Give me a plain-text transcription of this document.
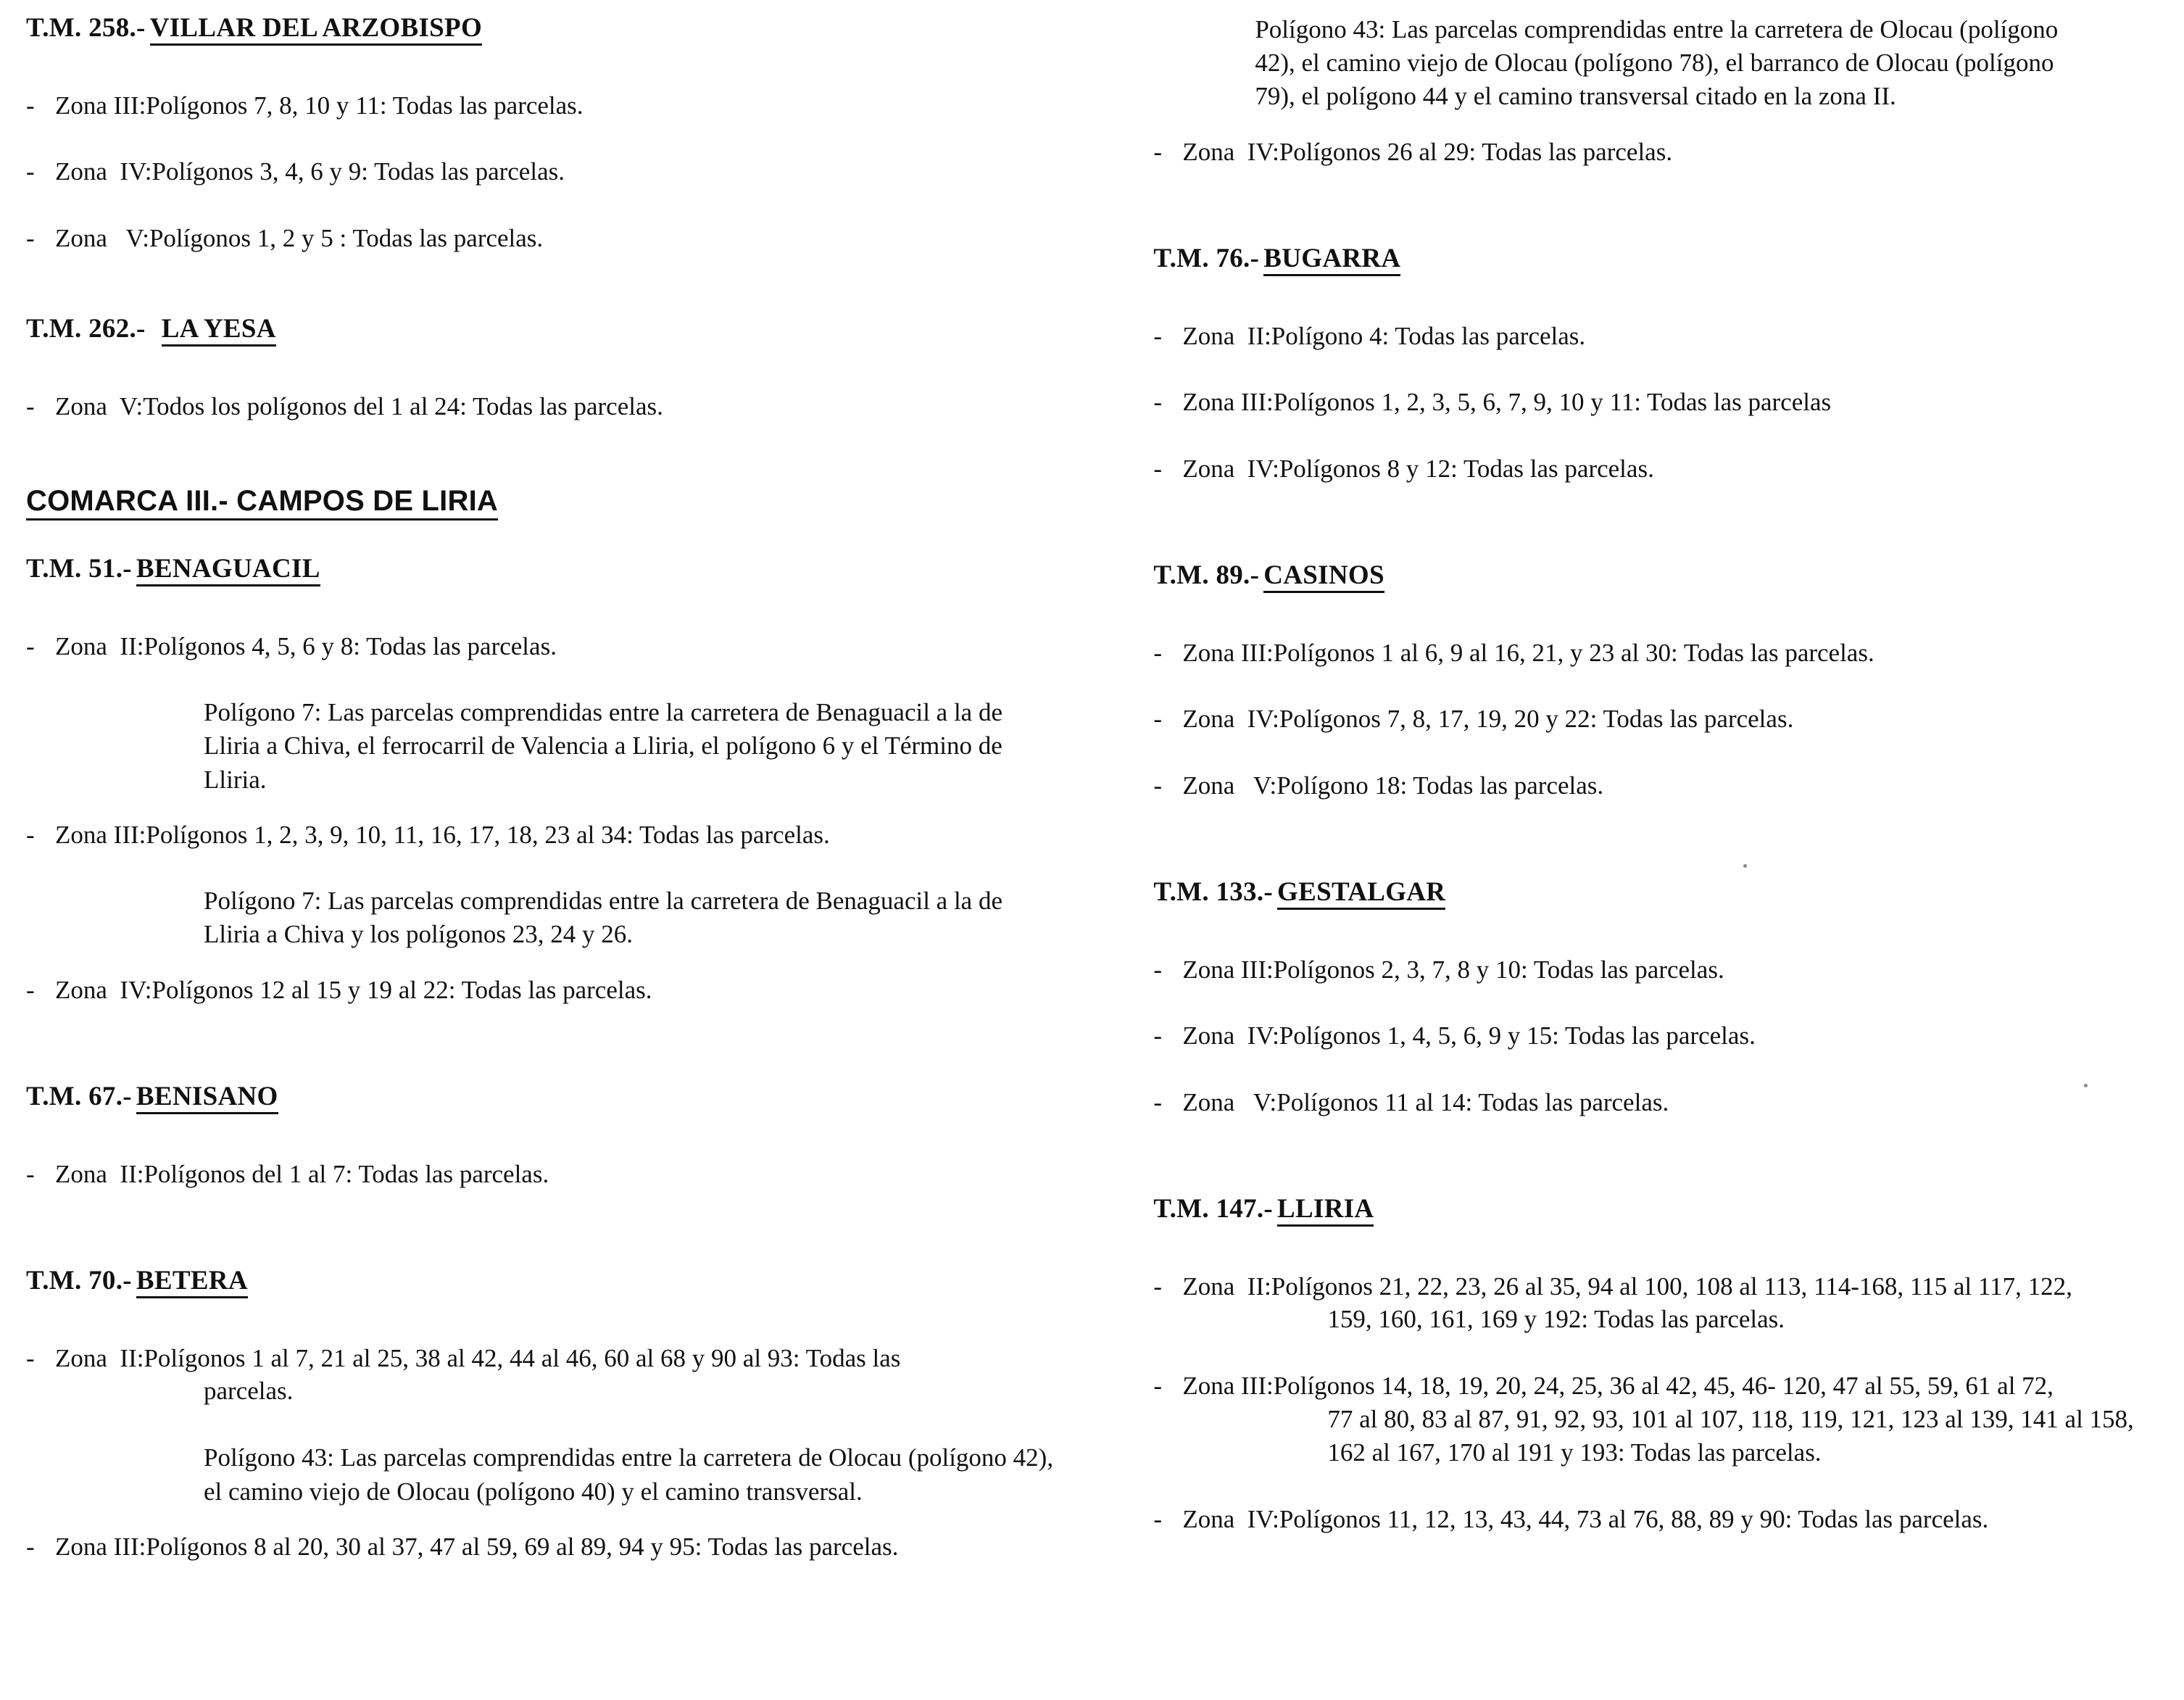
T.M. 258.- VILLAR DEL ARZOBISPO
- Zona III: Polígonos 7, 8, 10 y 11: Todas las parcelas.
- Zona  IV: Polígonos 3, 4, 6 y 9: Todas las parcelas.
- Zona   V: Polígonos 1, 2 y 5 : Todas las parcelas.
T.M. 262.- LA YESA
- Zona  V: Todos los polígonos del 1 al 24: Todas las parcelas.
COMARCA III.- CAMPOS DE LIRIA
T.M. 51.- BENAGUACIL
- Zona  II: Polígonos 4, 5, 6 y 8: Todas las parcelas.
Polígono 7: Las parcelas comprendidas entre la carretera de Benaguacil a la de
Lliria a Chiva, el ferrocarril de Valencia a Lliria, el polígono 6 y el Término de
Lliria.
- Zona III: Polígonos 1, 2, 3, 9, 10, 11, 16, 17, 18, 23 al 34: Todas las parcelas.
Polígono 7: Las parcelas comprendidas entre la carretera de Benaguacil a la de
Lliria a Chiva y los polígonos 23, 24 y 26.
- Zona  IV: Polígonos 12 al 15 y 19 al 22: Todas las parcelas.
T.M. 67.- BENISANO
- Zona  II: Polígonos del 1 al 7: Todas las parcelas.
T.M. 70.- BETERA
- Zona  II: Polígonos 1 al 7, 21 al 25, 38 al 42, 44 al 46, 60 al 68 y 90 al 93: Todas las
parcelas.
Polígono 43: Las parcelas comprendidas entre la carretera de Olocau (polígono 42),
el camino viejo de Olocau (polígono 40) y el camino transversal.
- Zona III: Polígonos 8 al 20, 30 al 37, 47 al 59, 69 al 89, 94 y 95: Todas las parcelas.
Polígono 43: Las parcelas comprendidas entre la carretera de Olocau (polígono
42), el camino viejo de Olocau (polígono 78), el barranco de Olocau (polígono
79), el polígono 44 y el camino transversal citado en la zona II.
- Zona  IV: Polígonos 26 al 29: Todas las parcelas.
T.M. 76.- BUGARRA
- Zona  II: Polígono 4: Todas las parcelas.
- Zona III: Polígonos 1, 2, 3, 5, 6, 7, 9, 10 y 11: Todas las parcelas
- Zona  IV: Polígonos 8 y 12: Todas las parcelas.
T.M. 89.- CASINOS
- Zona III: Polígonos 1 al 6, 9 al 16, 21, y 23 al 30: Todas las parcelas.
- Zona  IV: Polígonos 7, 8, 17, 19, 20 y 22: Todas las parcelas.
- Zona   V: Polígono 18: Todas las parcelas.
T.M. 133.- GESTALGAR
- Zona III: Polígonos 2, 3, 7, 8 y 10: Todas las parcelas.
- Zona  IV: Polígonos 1, 4, 5, 6, 9 y 15: Todas las parcelas.
- Zona   V: Polígonos 11 al 14: Todas las parcelas.
T.M. 147.- LLIRIA
- Zona  II: Polígonos 21, 22, 23, 26 al 35, 94 al 100, 108 al 113, 114-168, 115 al 117, 122,
159, 160, 161, 169 y 192: Todas las parcelas.
- Zona III: Polígonos 14, 18, 19, 20, 24, 25, 36 al 42, 45, 46- 120, 47 al 55, 59, 61 al 72,
77 al 80, 83 al 87, 91, 92, 93, 101 al 107, 118, 119, 121, 123 al 139, 141 al 158,
162 al 167, 170 al 191 y 193: Todas las parcelas.
- Zona  IV: Polígonos 11, 12, 13, 43, 44, 73 al 76, 88, 89 y 90: Todas las parcelas.
